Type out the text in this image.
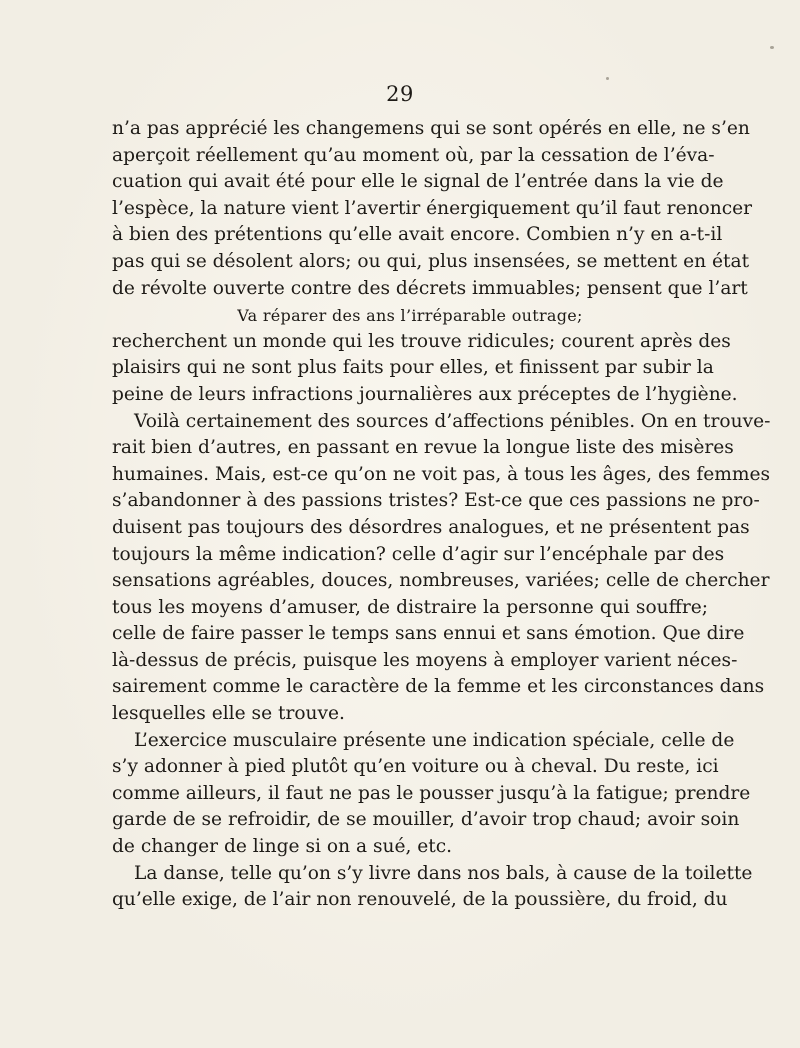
29
n’a pas apprécié les changemens qui se sont opérés en elle, ne s’en
aperçoit réellement qu’au moment où, par la cessation de l’éva-
cuation qui avait été pour elle le signal de l’entrée dans la vie de
l’espèce, la nature vient l’avertir énergiquement qu’il faut renoncer
à bien des prétentions qu’elle avait encore. Combien n’y en a-t-il
pas qui se désolent alors; ou qui, plus insensées, se mettent en état
de révolte ouverte contre des décrets immuables; pensent que l’art
Va réparer des ans l’irréparable outrage;
recherchent un monde qui les trouve ridicules; courent après des
plaisirs qui ne sont plus faits pour elles, et finissent par subir la
peine de leurs infractions journalières aux préceptes de l’hygiène.
Voilà certainement des sources d’affections pénibles. On en trouve-
rait bien d’autres, en passant en revue la longue liste des misères
humaines. Mais, est-ce qu’on ne voit pas, à tous les âges, des femmes
s’abandonner à des passions tristes? Est-ce que ces passions ne pro-
duisent pas toujours des désordres analogues, et ne présentent pas
toujours la même indication? celle d’agir sur l’encéphale par des
sensations agréables, douces, nombreuses, variées; celle de chercher
tous les moyens d’amuser, de distraire la personne qui souffre;
celle de faire passer le temps sans ennui et sans émotion. Que dire
là-dessus de précis, puisque les moyens à employer varient néces-
sairement comme le caractère de la femme et les circonstances dans
lesquelles elle se trouve.
L’exercice musculaire présente une indication spéciale, celle de
s’y adonner à pied plutôt qu’en voiture ou à cheval. Du reste, ici
comme ailleurs, il faut ne pas le pousser jusqu’à la fatigue; prendre
garde de se refroidir, de se mouiller, d’avoir trop chaud; avoir soin
de changer de linge si on a sué, etc.
La danse, telle qu’on s’y livre dans nos bals, à cause de la toilette
qu’elle exige, de l’air non renouvelé, de la poussière, du froid, du
